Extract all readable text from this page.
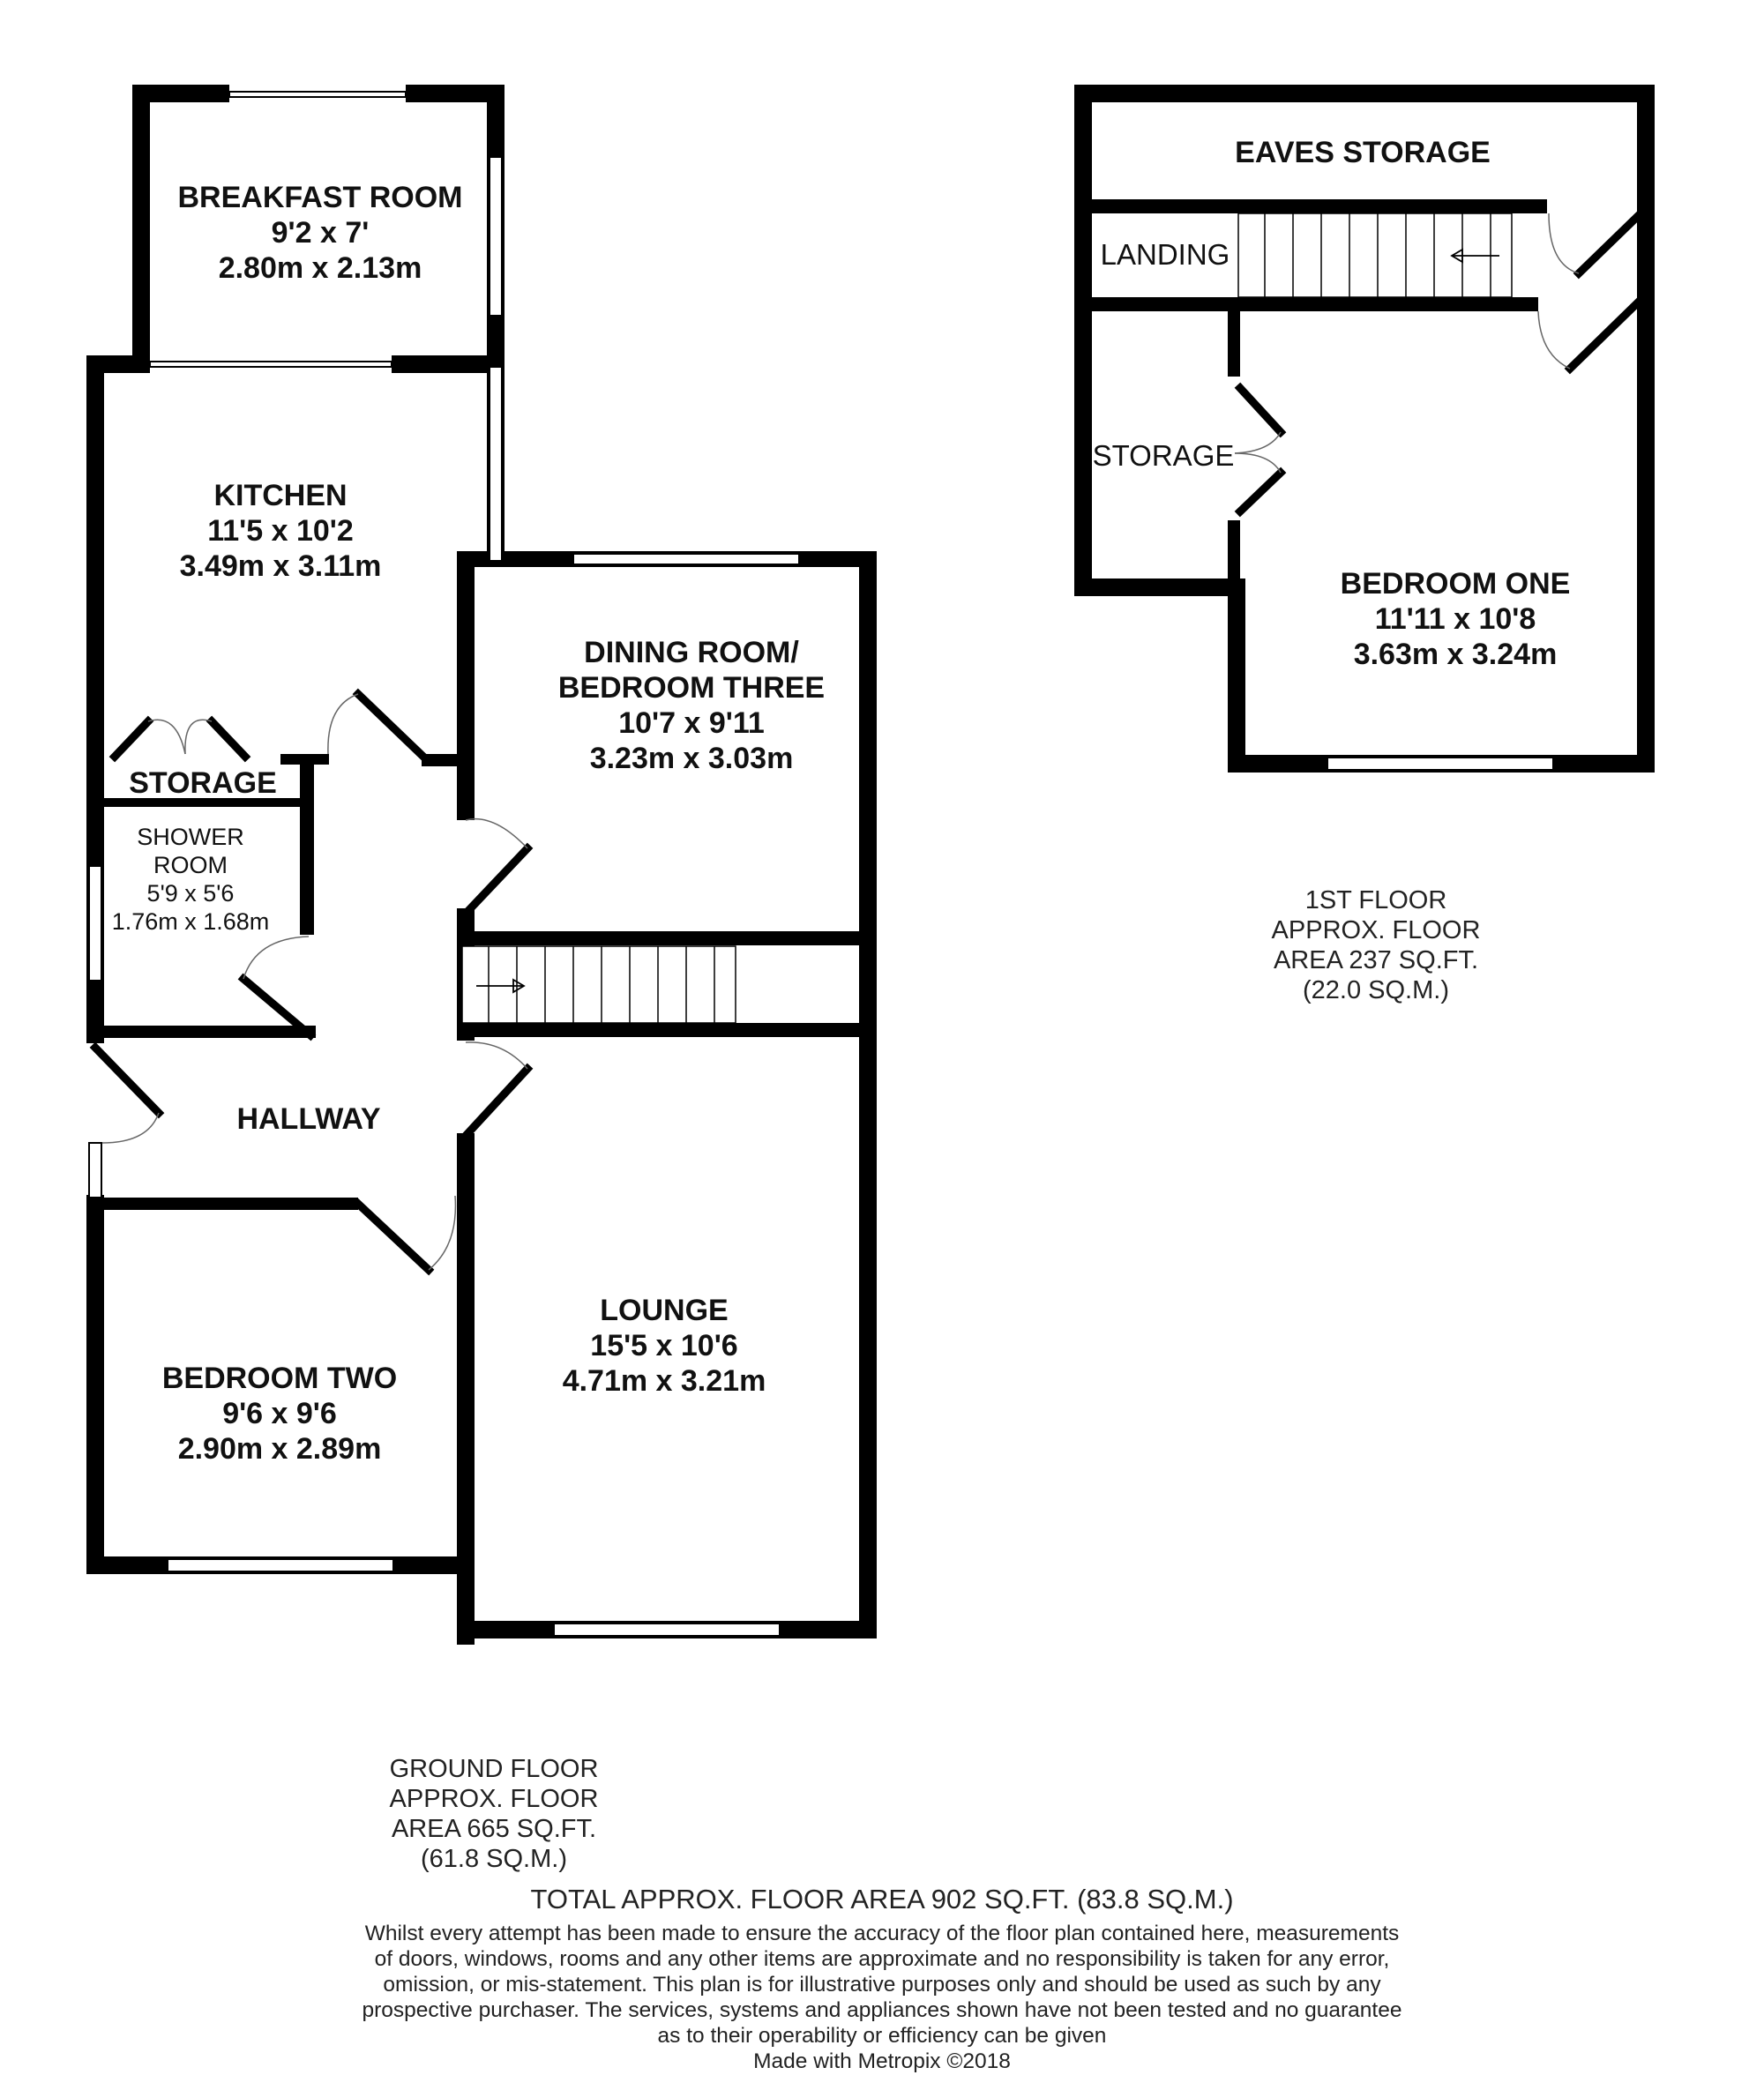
BREAKFAST ROOM
9'2 x 7'
2.80m x 2.13m
KITCHEN
11'5 x 10'2
3.49m x 3.11m
DINING ROOM/
BEDROOM THREE
10'7 x 9'11
3.23m x 3.03m
STORAGE
SHOWER
ROOM
5'9 x 5'6
1.76m x 1.68m
HALLWAY
BEDROOM TWO
9'6 x 9'6
2.90m x 2.89m
LOUNGE
15'5 x 10'6
4.71m x 3.21m
EAVES STORAGE
LANDING
STORAGE
BEDROOM ONE
11'11 x 10'8
3.63m x 3.24m
1ST FLOOR
APPROX. FLOOR
AREA 237 SQ.FT.
(22.0 SQ.M.)
GROUND FLOOR
APPROX. FLOOR
AREA 665 SQ.FT.
(61.8 SQ.M.)
TOTAL APPROX. FLOOR AREA 902 SQ.FT. (83.8 SQ.M.)
Whilst every attempt has been made to ensure the accuracy of the floor plan contained here, measurements
of doors, windows, rooms and any other items are approximate and no responsibility is taken for any error,
omission, or mis-statement. This plan is for illustrative purposes only and should be used as such by any
prospective purchaser. The services, systems and appliances shown have not been tested and no guarantee
as to their operability or efficiency can be given
Made with Metropix ©2018
